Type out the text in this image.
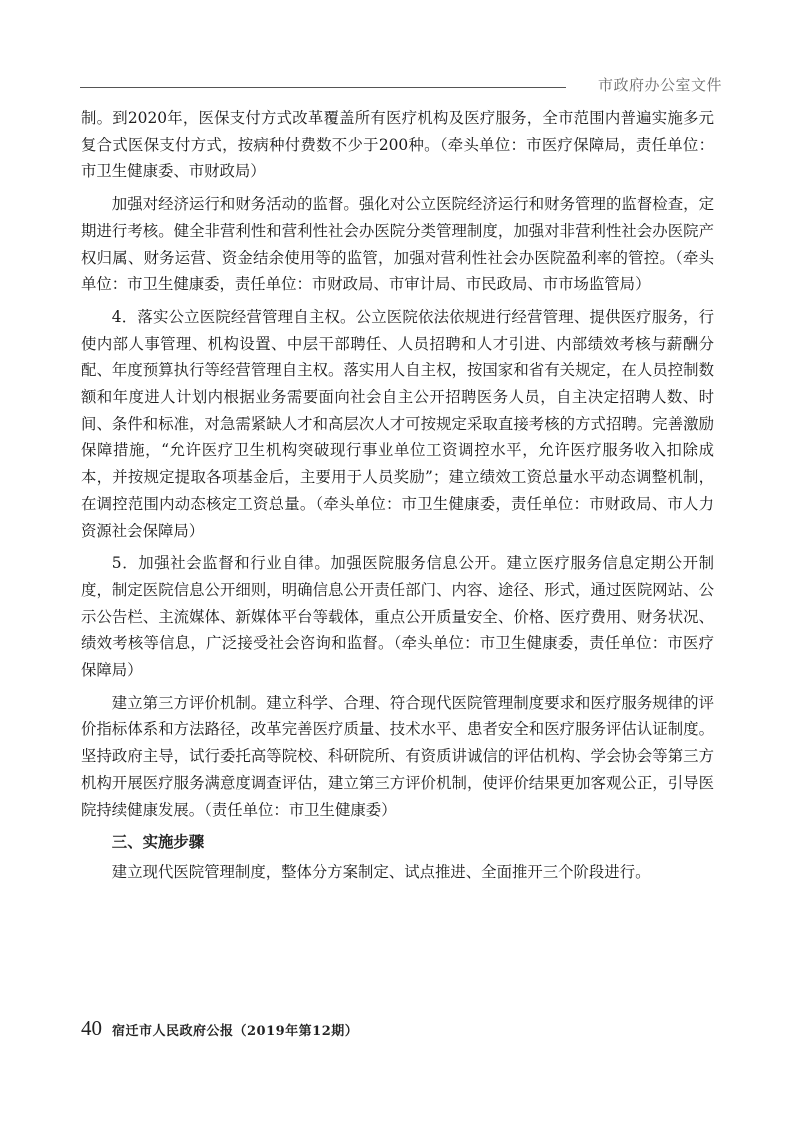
市政府办公室文件

制。到2020年，医保支付方式改革覆盖所有医疗机构及医疗服务，全市范围内普遍实施多元复合式医保支付方式，按病种付费数不少于200种。（牵头单位：市医疗保障局，责任单位：市卫生健康委、市财政局）

加强对经济运行和财务活动的监督。强化对公立医院经济运行和财务管理的监督检查，定期进行考核。健全非营利性和营利性社会办医院分类管理制度，加强对非营利性社会办医院产权归属、财务运营、资金结余使用等的监管，加强对营利性社会办医院盈利率的管控。（牵头单位：市卫生健康委，责任单位：市财政局、市审计局、市民政局、市市场监管局）

4．落实公立医院经营管理自主权。公立医院依法依规进行经营管理、提供医疗服务，行使内部人事管理、机构设置、中层干部聘任、人员招聘和人才引进、内部绩效考核与薪酬分配、年度预算执行等经营管理自主权。落实用人自主权，按国家和省有关规定，在人员控制数额和年度进人计划内根据业务需要面向社会自主公开招聘医务人员，自主决定招聘人数、时间、条件和标准，对急需紧缺人才和高层次人才可按规定采取直接考核的方式招聘。完善激励保障措施，“允许医疗卫生机构突破现行事业单位工资调控水平，允许医疗服务收入扣除成本，并按规定提取各项基金后，主要用于人员奖励”；建立绩效工资总量水平动态调整机制，在调控范围内动态核定工资总量。（牵头单位：市卫生健康委，责任单位：市财政局、市人力资源社会保障局）

5．加强社会监督和行业自律。加强医院服务信息公开。建立医疗服务信息定期公开制度，制定医院信息公开细则，明确信息公开责任部门、内容、途径、形式，通过医院网站、公示公告栏、主流媒体、新媒体平台等载体，重点公开质量安全、价格、医疗费用、财务状况、绩效考核等信息，广泛接受社会咨询和监督。（牵头单位：市卫生健康委，责任单位：市医疗保障局）

建立第三方评价机制。建立科学、合理、符合现代医院管理制度要求和医疗服务规律的评价指标体系和方法路径，改革完善医疗质量、技术水平、患者安全和医疗服务评估认证制度。坚持政府主导，试行委托高等院校、科研院所、有资质讲诚信的评估机构、学会协会等第三方机构开展医疗服务满意度调查评估，建立第三方评价机制，使评价结果更加客观公正，引导医院持续健康发展。（责任单位：市卫生健康委）

三、实施步骤

建立现代医院管理制度，整体分方案制定、试点推进、全面推开三个阶段进行。

40 宿迁市人民政府公报（2019年第12期）
